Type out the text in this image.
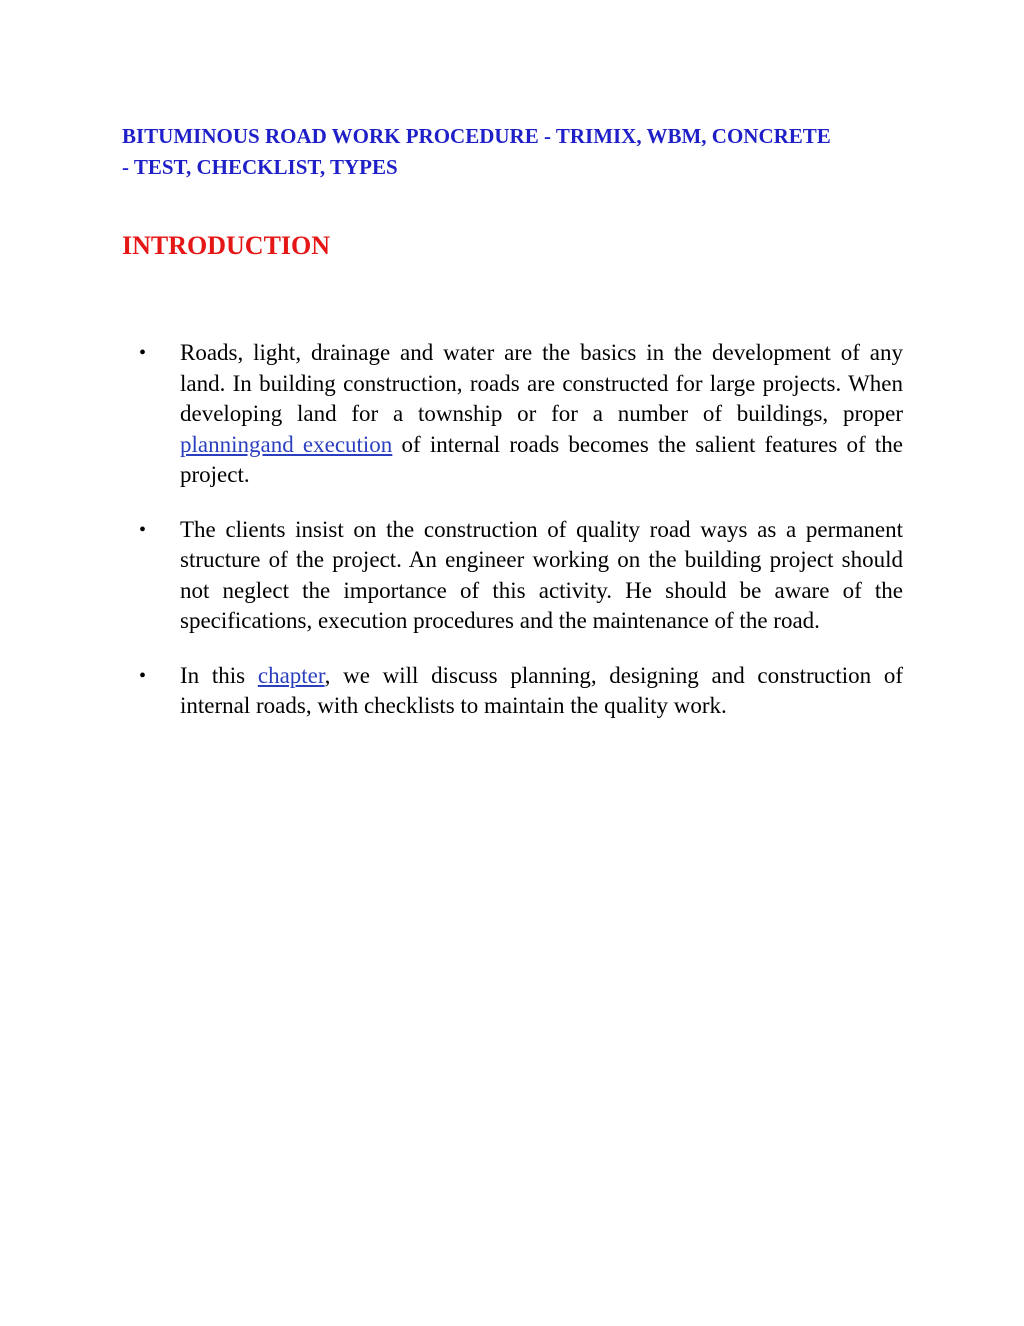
BITUMINOUS ROAD WORK PROCEDURE - TRIMIX, WBM, CONCRETE - TEST, CHECKLIST, TYPES
INTRODUCTION
• Roads, light, drainage and water are the basics in the development of any land. In building construction, roads are constructed for large projects. When developing land for a township or for a number of buildings, proper planningand execution of internal roads becomes the salient features of the project.
• The clients insist on the construction of quality road ways as a permanent structure of the project. An engineer working on the building project should not neglect the importance of this activity. He should be aware of the specifications, execution procedures and the maintenance of the road.
• In this chapter, we will discuss planning, designing and construction of internal roads, with checklists to maintain the quality work.
